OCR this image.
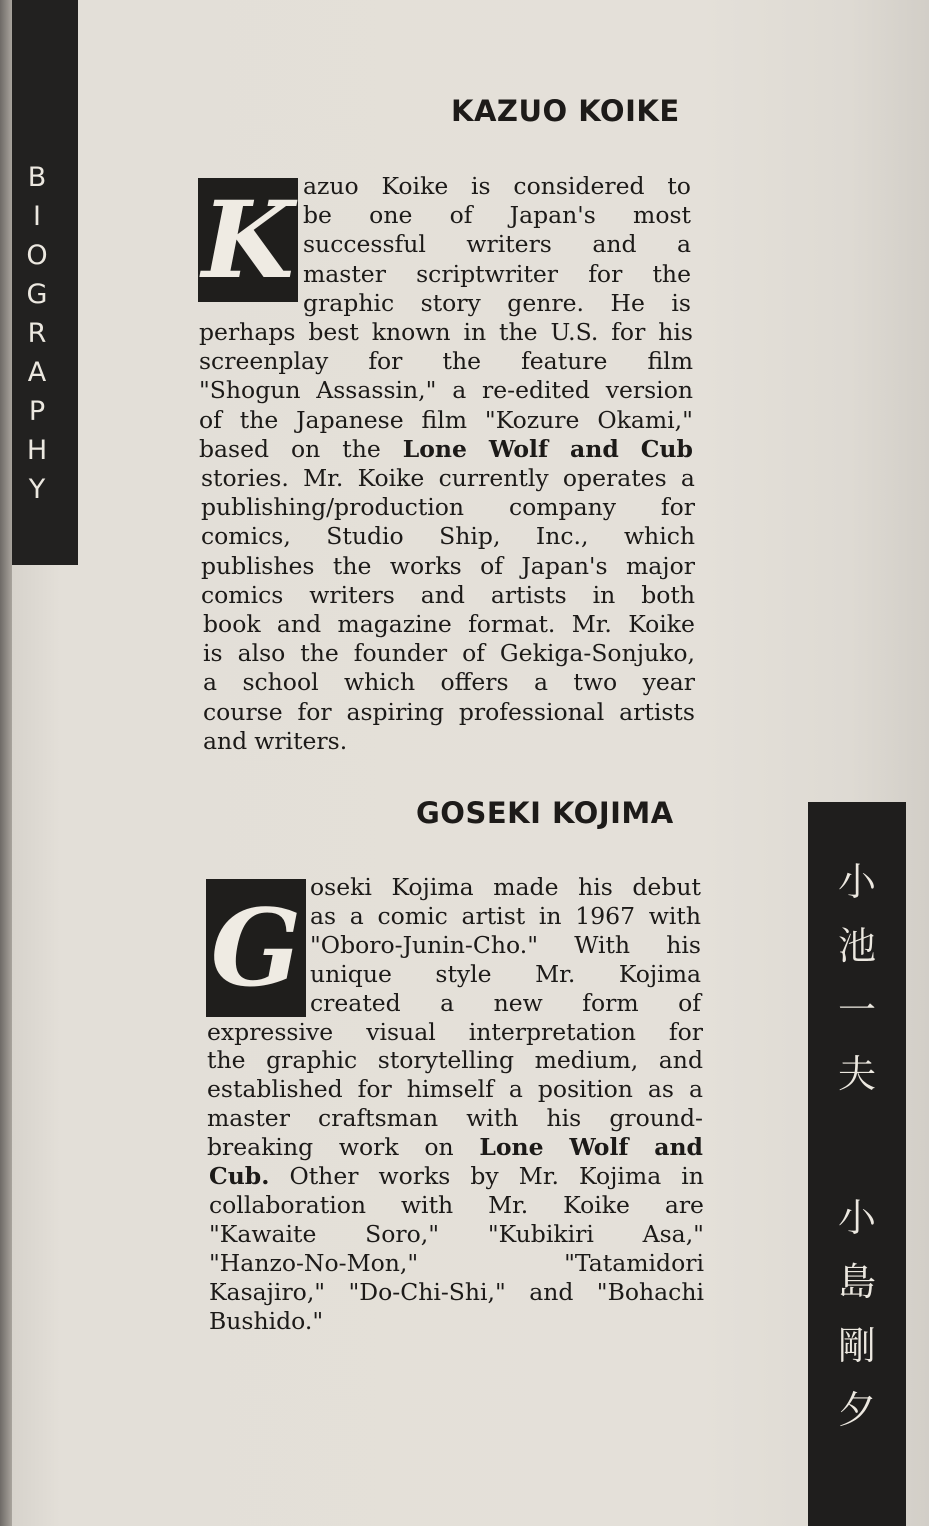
B
I
O
G
R
A
P
H
Y
小
池
一
夫
小
島
剛
夕
KAZUO KOIKE
K azuo Koike is considered to
be one of Japan's most
successful writers and a
master scriptwriter for the
graphic story genre. He is
perhaps best known in the U.S. for his
screenplay for the feature film
"Shogun Assassin," a re-edited version
of the Japanese film "Kozure Okami,"
based on the Lone Wolf and Cub
stories. Mr. Koike currently operates a
publishing/production company for
comics, Studio Ship, Inc., which
publishes the works of Japan's major
comics writers and artists in both
book and magazine format. Mr. Koike
is also the founder of Gekiga-Sonjuko,
a school which offers a two year
course for aspiring professional artists
and writers.
GOSEKI KOJIMA
G oseki Kojima made his debut
as a comic artist in 1967 with
"Oboro-Junin-Cho." With his
unique style Mr. Kojima
created a new form of
expressive visual interpretation for
the graphic storytelling medium, and
established for himself a position as a
master craftsman with his ground-
breaking work on Lone Wolf and
Cub. Other works by Mr. Kojima in
collaboration with Mr. Koike are
"Kawaite Soro," "Kubikiri Asa,"
"Hanzo-No-Mon,"	"Tatamidori
Kasajiro," "Do-Chi-Shi," and "Bohachi
Bushido."
